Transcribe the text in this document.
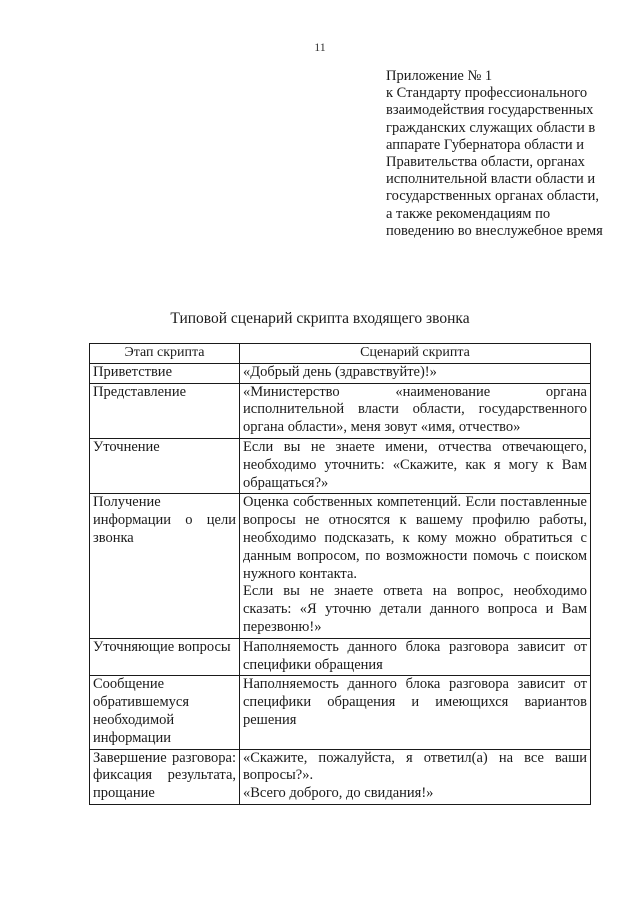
11
Приложение № 1
к Стандарту профессионального взаимодействия государственных гражданских служащих области в аппарате Губернатора области и Правительства области, органах исполнительной власти области и государственных органах области, а также рекомендациям по поведению во внеслужебное время
Типовой сценарий скрипта входящего звонка
Этап скрипта	Сценарий скрипта
Приветствие	«Добрый день (здравствуйте)!»

Представление	«Министерство «наименование органа исполнительной власти области, государственного органа области», меня зовут «имя, отчество»

Уточнение	Если вы не знаете имени, отчества отвечающего, необходимо уточнить: «Скажите, как я могу к Вам обращаться?»

Получение информации о цели звонка	Оценка собственных компетенций. Если поставленные вопросы не относятся к вашему профилю работы, необходимо подсказать, к кому можно обратиться с данным вопросом, по возможности помочь с поиском нужного контакта.
Если вы не знаете ответа на вопрос, необходимо сказать: «Я уточню детали данного вопроса и Вам перезвоню!»

Уточняющие вопросы	Наполняемость данного блока разговора зависит от специфики обращения

Сообщение обратившемуся необходимой информации	Наполняемость данного блока разговора зависит от специфики обращения и имеющихся вариантов решения

Завершение разговора: фиксация результата, прощание	«Скажите, пожалуйста, я ответил(а) на все ваши вопросы?».
«Всего доброго, до свидания!»
